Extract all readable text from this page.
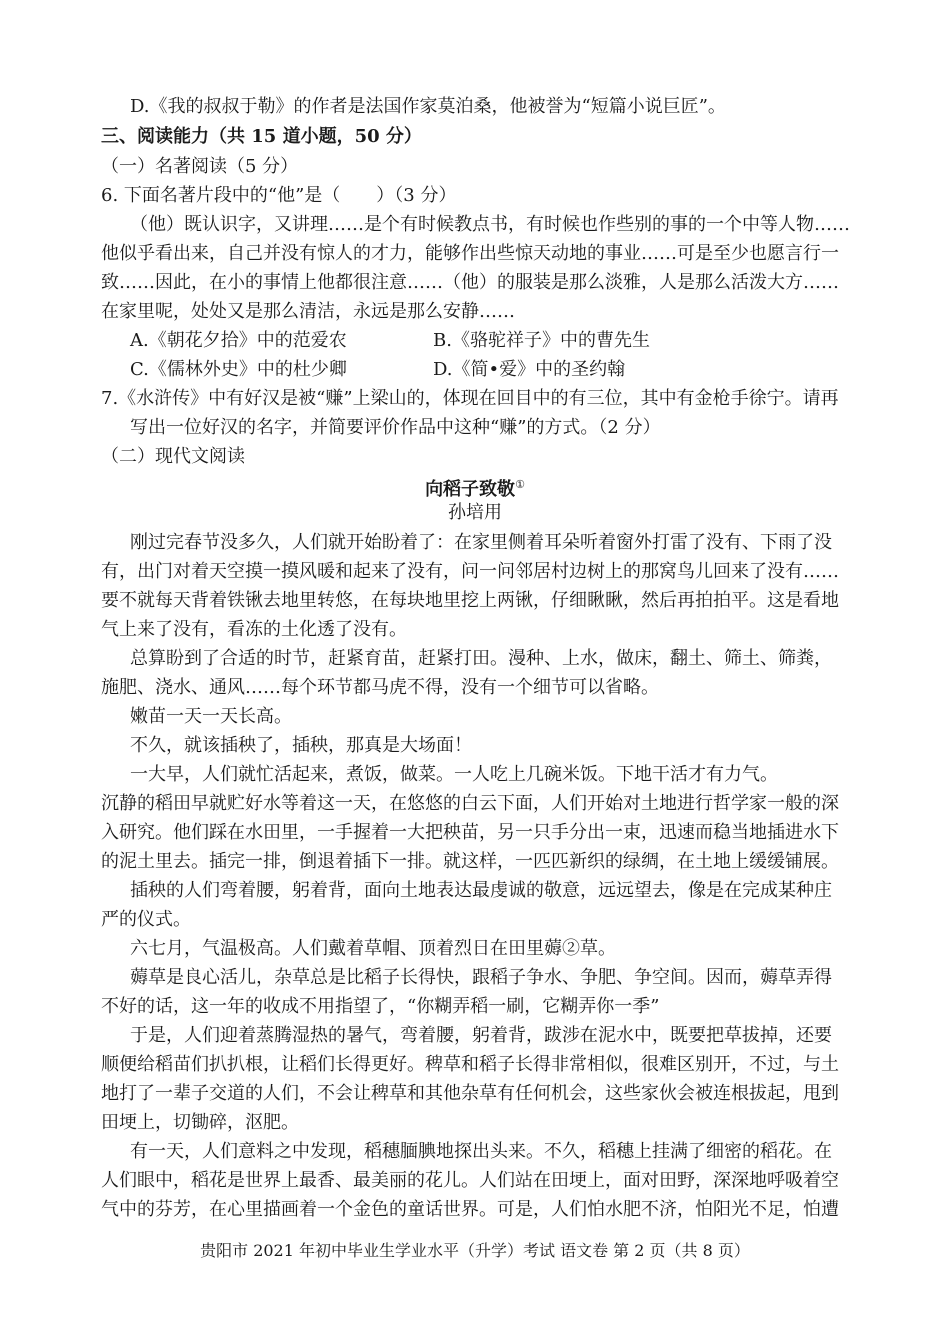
D.《我的叔叔于勒》的作者是法国作家莫泊桑，他被誉为“短篇小说巨匠”。
三、阅读能力（共 15 道小题，50 分）
（一）名著阅读（5 分）
6. 下面名著片段中的“他”是（　　）（3 分）
（他）既认识字，又讲理……是个有时候教点书，有时候也作些别的事的一个中等人物……
他似乎看出来，自己并没有惊人的才力，能够作出些惊天动地的事业……可是至少也愿言行一
致……因此，在小的事情上他都很注意……（他）的服装是那么淡雅，人是那么活泼大方……
在家里呢，处处又是那么清洁，永远是那么安静……
A.《朝花夕拾》中的范爱农	B.《骆驼祥子》中的曹先生
C.《儒林外史》中的杜少卿	D.《简•爱》中的圣约翰
7.《水浒传》中有好汉是被“赚”上梁山的，体现在回目中的有三位，其中有金枪手徐宁。请再
写出一位好汉的名字，并简要评价作品中这种“赚”的方式。（2 分）
（二）现代文阅读
向稻子致敬①
孙培用
刚过完春节没多久，人们就开始盼着了：在家里侧着耳朵听着窗外打雷了没有、下雨了没
有，出门对着天空摸一摸风暖和起来了没有，问一问邻居村边树上的那窝鸟儿回来了没有……
要不就每天背着铁锹去地里转悠，在每块地里挖上两锹，仔细瞅瞅，然后再拍拍平。这是看地
气上来了没有，看冻的土化透了没有。
总算盼到了合适的时节，赶紧育苗，赶紧打田。漫种、上水，做床，翻土、筛土、筛粪，
施肥、浇水、通风……每个环节都马虎不得，没有一个细节可以省略。
嫩苗一天一天长高。
不久，就该插秧了，插秧，那真是大场面！
一大早，人们就忙活起来，煮饭，做菜。一人吃上几碗米饭。下地干活才有力气。
沉静的稻田早就贮好水等着这一天，在悠悠的白云下面，人们开始对土地进行哲学家一般的深
入研究。他们踩在水田里，一手握着一大把秧苗，另一只手分出一束，迅速而稳当地插进水下
的泥土里去。插完一排，倒退着插下一排。就这样，一匹匹新织的绿绸，在土地上缓缓铺展。
插秧的人们弯着腰，躬着背，面向土地表达最虔诚的敬意，远远望去，像是在完成某种庄
严的仪式。
六七月，气温极高。人们戴着草帽、顶着烈日在田里薅②草。
薅草是良心活儿，杂草总是比稻子长得快，跟稻子争水、争肥、争空间。因而，薅草弄得
不好的话，这一年的收成不用指望了，“你糊弄稻一刷，它糊弄你一季”
于是，人们迎着蒸腾湿热的暑气，弯着腰，躬着背，跋涉在泥水中，既要把草拔掉，还要
顺便给稻苗们扒扒根，让稻们长得更好。稗草和稻子长得非常相似，很难区别开，不过，与土
地打了一辈子交道的人们，不会让稗草和其他杂草有任何机会，这些家伙会被连根拔起，甩到
田埂上，切锄碎，沤肥。
有一天，人们意料之中发现，稻穗腼腆地探出头来。不久，稻穗上挂满了细密的稻花。在
人们眼中，稻花是世界上最香、最美丽的花儿。人们站在田埂上，面对田野，深深地呼吸着空
气中的芬芳，在心里描画着一个金色的童话世界。可是，人们怕水肥不济，怕阳光不足，怕遭
贵阳市 2021 年初中毕业生学业水平（升学）考试 语文卷 第 2 页（共 8 页）
